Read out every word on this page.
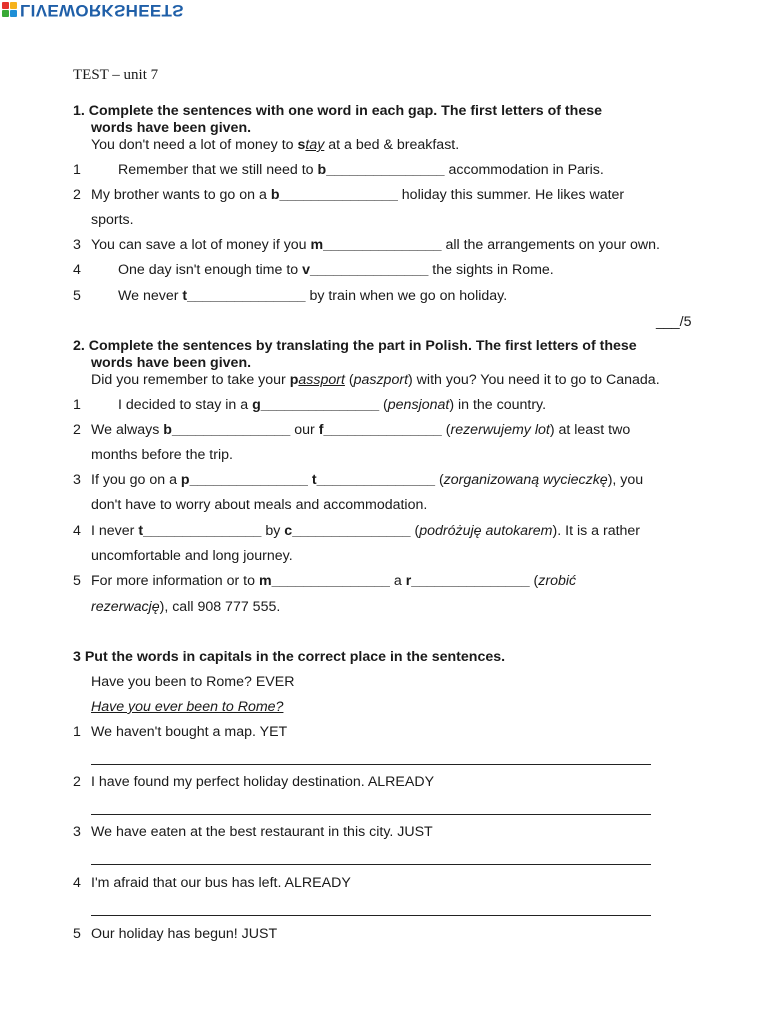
LIVEWORKSHEETS
TEST – unit 7
1. Complete the sentences with one word in each gap. The first letters of these
words have been given.
You don't need a lot of money to stay at a bed & breakfast.
1	Remember that we still need to b_______________ accommodation in Paris.
2 My brother wants to go on a b_______________ holiday this summer. He likes water
sports.
3 You can save a lot of money if you m_______________ all the arrangements on your own.
4	One day isn't enough time to v_______________ the sights in Rome.
5	We never t_______________ by train when we go on holiday.
___/5
2. Complete the sentences by translating the part in Polish. The first letters of these
words have been given.
Did you remember to take your passport (paszport) with you? You need it to go to Canada.
1	I decided to stay in a g_______________ (pensjonat) in the country.
2 We always b_______________ our f_______________ (rezerwujemy lot) at least two
months before the trip.
3 If you go on a p_______________ t_______________ (zorganizowaną wycieczkę), you
don't have to worry about meals and accommodation.
4 I never t_______________ by c_______________ (podróżuję autokarem). It is a rather
uncomfortable and long journey.
5 For more information or to m_______________ a r_______________ (zrobić
rezerwację), call 908 777 555.
3 Put the words in capitals in the correct place in the sentences.
Have you been to Rome? EVER
Have you ever been to Rome?
1 We haven't bought a map. YET
2 I have found my perfect holiday destination. ALREADY
3 We have eaten at the best restaurant in this city. JUST
4 I'm afraid that our bus has left. ALREADY
5 Our holiday has begun! JUST
